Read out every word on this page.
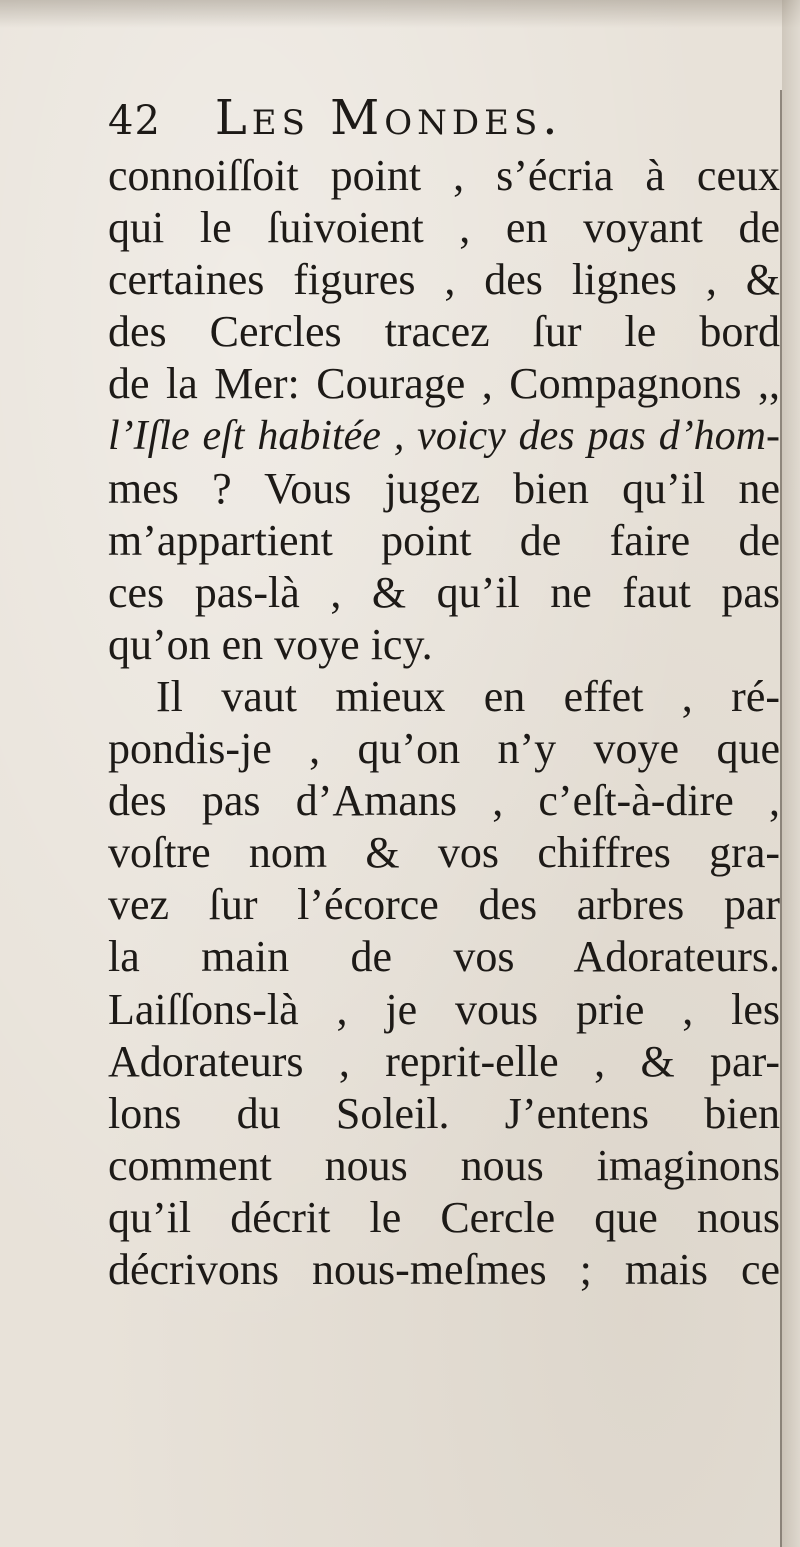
42 Les Mondes.
connoiſſoit point , s’écria à ceux
qui le ſuivoient , en voyant de
certaines figures , des lignes , &
des Cercles tracez ſur le bord
de la Mer: Courage , Compagnons ,,
l’Iſle eſt habitée , voicy des pas d’hom-
mes ? Vous jugez bien qu’il ne
m’appartient point de faire de
ces pas-là , & qu’il ne faut pas
qu’on en voye icy.
Il vaut mieux en effet , ré-
pondis-je , qu’on n’y voye que
des pas d’Amans , c’eſt-à-dire ,
voſtre nom & vos chiffres gra-
vez ſur l’écorce des arbres par
la main de vos Adorateurs.
Laiſſons-là , je vous prie , les
Adorateurs , reprit-elle , & par-
lons du Soleil. J’entens bien
comment nous nous imaginons
qu’il décrit le Cercle que nous
décrivons nous-meſmes ; mais ce
